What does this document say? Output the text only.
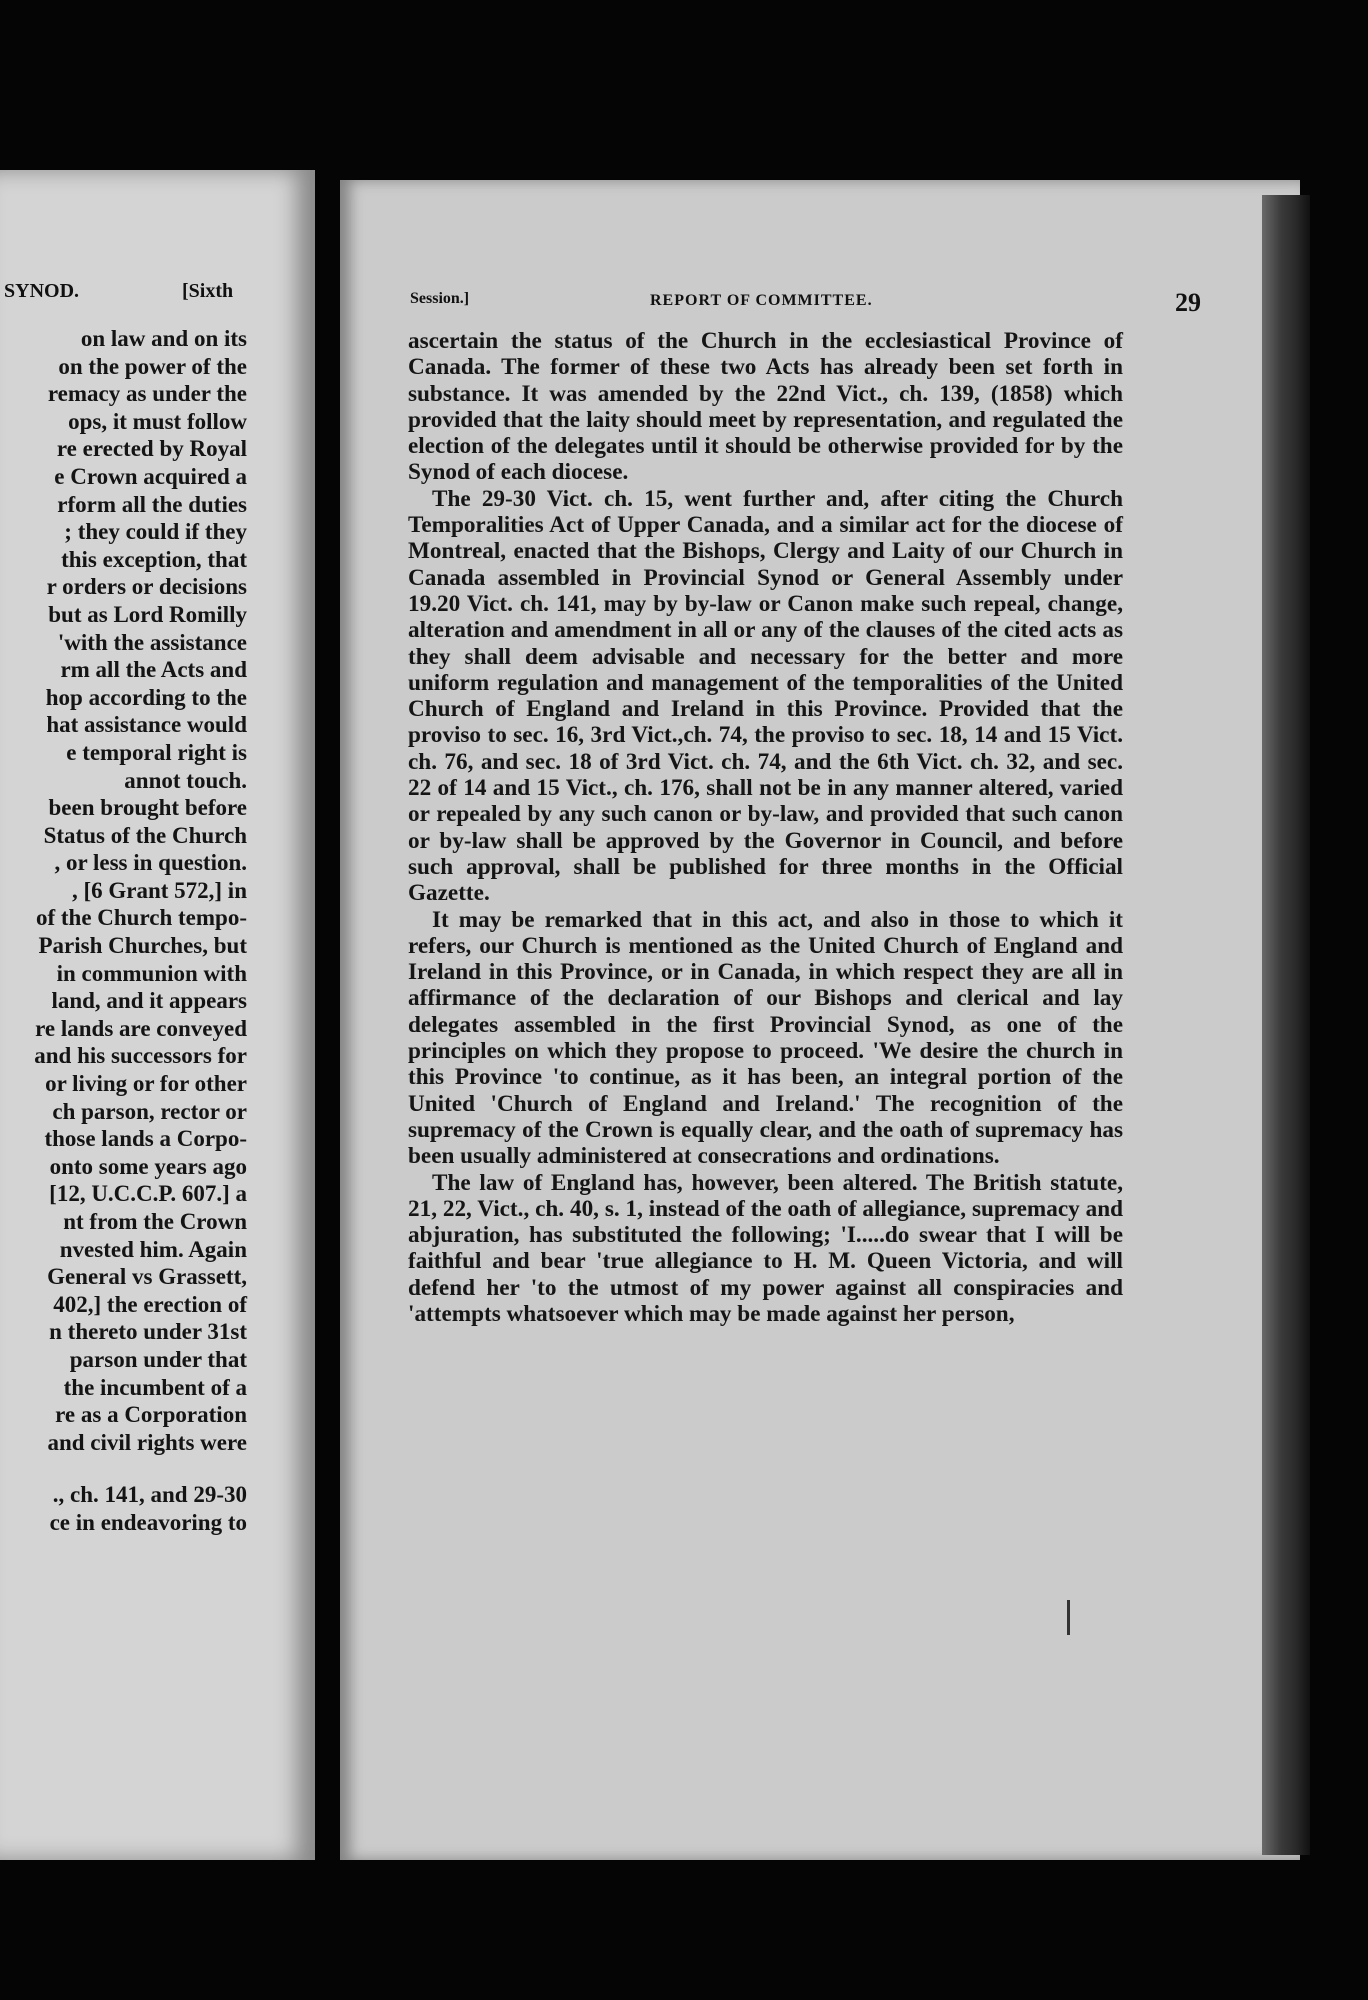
SYNOD.	[Sixth
on law and on its
on the power of the
remacy as under the
ops, it must follow
re erected by Royal
e Crown acquired a
rform all the duties
; they could if they
this exception, that
r orders or decisions
but as Lord Romilly
'with the assistance
rm all the Acts and
hop according to the
hat assistance would
e temporal right is
annot touch.
been brought before
Status of the Church
, or less in question.
, [6 Grant 572,] in
of the Church tempo-
Parish Churches, but
in communion with
land, and it appears
re lands are conveyed
and his successors for
or living or for other
ch parson, rector or
those lands a Corpo-
onto some years ago
[12, U.C.C.P. 607.] a
nt from the Crown
nvested him. Again
General vs Grassett,
402,] the erection of
n thereto under 31st
parson under that
the incumbent of a
re as a Corporation
and civil rights were
., ch. 141, and 29-30
ce in endeavoring to
Session.]	REPORT OF COMMITTEE.	29

ascertain the status of the Church in the ecclesiastical Province of Canada. The former of these two Acts has already been set forth in substance. It was amended by the 22nd Vict., ch. 139, (1858) which provided that the laity should meet by representation, and regulated the election of the delegates until it should be otherwise provided for by the Synod of each diocese.

The 29-30 Vict. ch. 15, went further and, after citing the Church Temporalities Act of Upper Canada, and a similar act for the diocese of Montreal, enacted that the Bishops, Clergy and Laity of our Church in Canada assembled in Provincial Synod or General Assembly under 19.20 Vict. ch. 141, may by by-law or Canon make such repeal, change, alteration and amendment in all or any of the clauses of the cited acts as they shall deem advisable and necessary for the better and more uniform regulation and management of the temporalities of the United Church of England and Ireland in this Province. Provided that the proviso to sec. 16, 3rd Vict.,ch. 74, the proviso to sec. 18, 14 and 15 Vict. ch. 76, and sec. 18 of 3rd Vict. ch. 74, and the 6th Vict. ch. 32, and sec. 22 of 14 and 15 Vict., ch. 176, shall not be in any manner altered, varied or repealed by any such canon or by-law, and provided that such canon or by-law shall be approved by the Governor in Council, and before such approval, shall be published for three months in the Official Gazette.

It may be remarked that in this act, and also in those to which it refers, our Church is mentioned as the United Church of England and Ireland in this Province, or in Canada, in which respect they are all in affirmance of the declaration of our Bishops and clerical and lay delegates assembled in the first Provincial Synod, as one of the principles on which they propose to proceed. 'We desire the church in this Province 'to continue, as it has been, an integral portion of the United 'Church of England and Ireland.' The recognition of the supremacy of the Crown is equally clear, and the oath of supremacy has been usually administered at consecrations and ordinations.

The law of England has, however, been altered. The British statute, 21, 22, Vict., ch. 40, s. 1, instead of the oath of allegiance, supremacy and abjuration, has substituted the following; 'I.....do swear that I will be faithful and bear 'true allegiance to H. M. Queen Victoria, and will defend her 'to the utmost of my power against all conspiracies and 'attempts whatsoever which may be made against her person,
